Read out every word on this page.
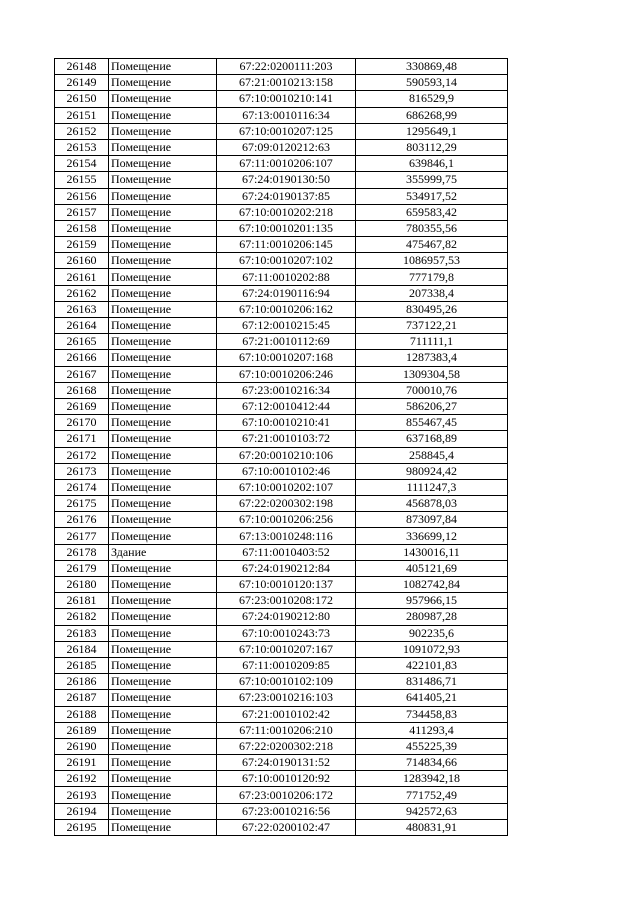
26148	Помещение	67:22:0200111:203	330869,48
26149	Помещение	67:21:0010213:158	590593,14
26150	Помещение	67:10:0010210:141	816529,9
26151	Помещение	67:13:0010116:34	686268,99
26152	Помещение	67:10:0010207:125	1295649,1
26153	Помещение	67:09:0120212:63	803112,29
26154	Помещение	67:11:0010206:107	639846,1
26155	Помещение	67:24:0190130:50	355999,75
26156	Помещение	67:24:0190137:85	534917,52
26157	Помещение	67:10:0010202:218	659583,42
26158	Помещение	67:10:0010201:135	780355,56
26159	Помещение	67:11:0010206:145	475467,82
26160	Помещение	67:10:0010207:102	1086957,53
26161	Помещение	67:11:0010202:88	777179,8
26162	Помещение	67:24:0190116:94	207338,4
26163	Помещение	67:10:0010206:162	830495,26
26164	Помещение	67:12:0010215:45	737122,21
26165	Помещение	67:21:0010112:69	711111,1
26166	Помещение	67:10:0010207:168	1287383,4
26167	Помещение	67:10:0010206:246	1309304,58
26168	Помещение	67:23:0010216:34	700010,76
26169	Помещение	67:12:0010412:44	586206,27
26170	Помещение	67:10:0010210:41	855467,45
26171	Помещение	67:21:0010103:72	637168,89
26172	Помещение	67:20:0010210:106	258845,4
26173	Помещение	67:10:0010102:46	980924,42
26174	Помещение	67:10:0010202:107	1111247,3
26175	Помещение	67:22:0200302:198	456878,03
26176	Помещение	67:10:0010206:256	873097,84
26177	Помещение	67:13:0010248:116	336699,12
26178	Здание	67:11:0010403:52	1430016,11
26179	Помещение	67:24:0190212:84	405121,69
26180	Помещение	67:10:0010120:137	1082742,84
26181	Помещение	67:23:0010208:172	957966,15
26182	Помещение	67:24:0190212:80	280987,28
26183	Помещение	67:10:0010243:73	902235,6
26184	Помещение	67:10:0010207:167	1091072,93
26185	Помещение	67:11:0010209:85	422101,83
26186	Помещение	67:10:0010102:109	831486,71
26187	Помещение	67:23:0010216:103	641405,21
26188	Помещение	67:21:0010102:42	734458,83
26189	Помещение	67:11:0010206:210	411293,4
26190	Помещение	67:22:0200302:218	455225,39
26191	Помещение	67:24:0190131:52	714834,66
26192	Помещение	67:10:0010120:92	1283942,18
26193	Помещение	67:23:0010206:172	771752,49
26194	Помещение	67:23:0010216:56	942572,63
26195	Помещение	67:22:0200102:47	480831,91
